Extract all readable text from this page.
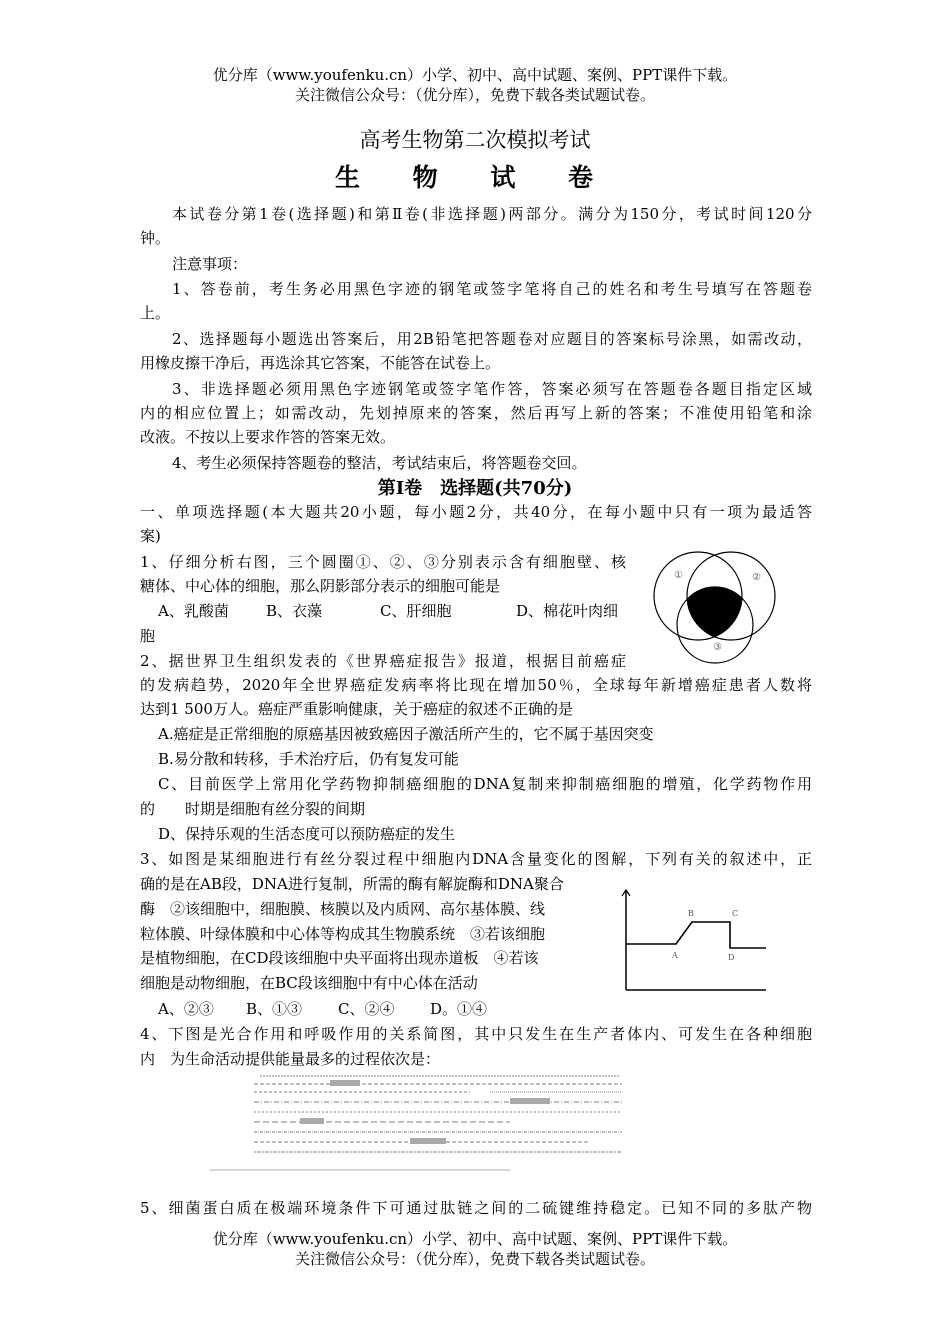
优分库（www.youfenku.cn）小学、初中、高中试题、案例、PPT课件下载。
关注微信公众号：（优分库），免费下载各类试题试卷。
高考生物第二次模拟考试
生 物 试 卷
本试卷分第1卷(选择题)和第Ⅱ卷(非选择题)两部分。满分为150分，考试时间120分
钟。
注意事项：
1、答卷前，考生务必用黑色字迹的钢笔或签字笔将自己的姓名和考生号填写在答题卷
上。
2、选择题每小题选出答案后，用2B铅笔把答题卷对应题目的答案标号涂黑，如需改动，
用橡皮擦干净后，再选涂其它答案，不能答在试卷上。
3、非选择题必须用黑色字迹钢笔或签字笔作答，答案必须写在答题卷各题目指定区域
内的相应位置上；如需改动，先划掉原来的答案，然后再写上新的答案；不准使用铅笔和涂
改液。不按以上要求作答的答案无效。
4、考生必须保持答题卷的整洁，考试结束后，将答题卷交回。
第Ⅰ卷　选择题(共70分)
一、单项选择题(本大题共20小题，每小题2分，共40分，在每小题中只有一项为最适答
案)
1、仔细分析右图，三个圆圈①、②、③分别表示含有细胞壁、核
糖体、中心体的细胞，那么阴影部分表示的细胞可能是
A、乳酸菌 B、衣藻	C、肝细胞	D、棉花叶肉细
胞
①	②
③
2、据世界卫生组织发表的《世界癌症报告》报道，根据目前癌症
的发病趋势，2020年全世界癌症发病率将比现在增加50％，全球每年新增癌症患者人数将
达到1 500万人。癌症严重影响健康，关于癌症的叙述不正确的是
A.癌症是正常细胞的原癌基因被致癌因子激活所产生的，它不属于基因突变
B.易分散和转移，手术治疗后，仍有复发可能
C、目前医学上常用化学药物抑制癌细胞的DNA复制来抑制癌细胞的增殖，化学药物作用
的　　时期是细胞有丝分裂的间期
D、保持乐观的生活态度可以预防癌症的发生
3、如图是某细胞进行有丝分裂过程中细胞内DNA含量变化的图解，下列有关的叙述中，正
确的是在AB段，DNA进行复制，所需的酶有解旋酶和DNA聚合
酶　②该细胞中，细胞膜、核膜以及内质网、高尔基体膜、线
粒体膜、叶绿体膜和中心体等构成其生物膜系统　③若该细胞
是植物细胞，在CD段该细胞中央平面将出现赤道板　④若该
细胞是动物细胞，在BC段该细胞中有中心体在活动
A、②③ B、①③ C、②④ D。①④
A
B	C
D
4、下图是光合作用和呼吸作用的关系简图，其中只发生在生产者体内、可发生在各种细胞
内　为生命活动提供能量最多的过程依次是：
5、细菌蛋白质在极端环境条件下可通过肽链之间的二硫键维持稳定。已知不同的多肽产物
优分库（www.youfenku.cn）小学、初中、高中试题、案例、PPT课件下载。
关注微信公众号：（优分库），免费下载各类试题试卷。
